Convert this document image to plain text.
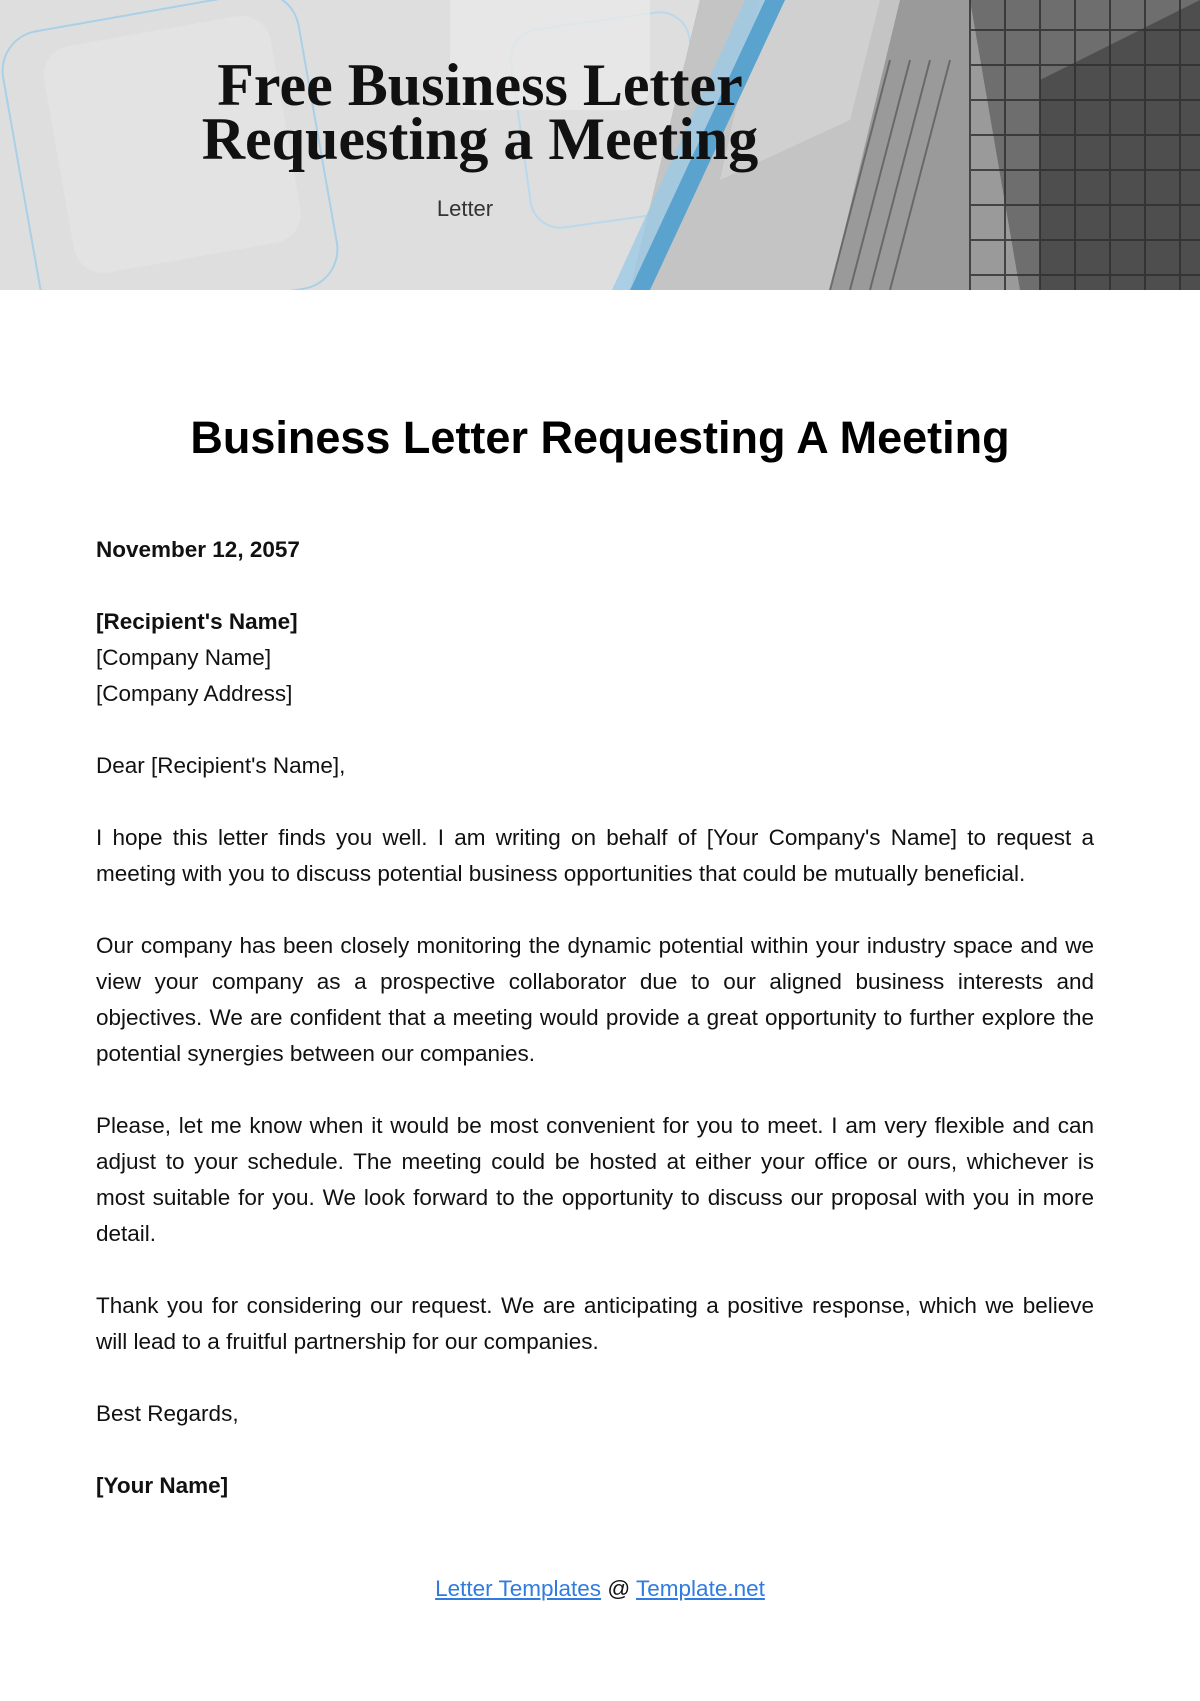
Free Business Letter
Requesting a Meeting
Letter
Business Letter Requesting A Meeting

November 12, 2057

[Recipient's Name]
[Company Name]
[Company Address]

Dear [Recipient's Name],

I hope this letter finds you well. I am writing on behalf of [Your Company's Name] to request a meeting with you to discuss potential business opportunities that could be mutually beneficial.

Our company has been closely monitoring the dynamic potential within your industry space and we view your company as a prospective collaborator due to our aligned business interests and objectives. We are confident that a meeting would provide a great opportunity to further explore the potential synergies between our companies.

Please, let me know when it would be most convenient for you to meet. I am very flexible and can adjust to your schedule. The meeting could be hosted at either your office or ours, whichever is most suitable for you. We look forward to the opportunity to discuss our proposal with you in more detail.

Thank you for considering our request. We are anticipating a positive response, which we believe will lead to a fruitful partnership for our companies.

Best Regards,

[Your Name]

Letter Templates @ Template.net
